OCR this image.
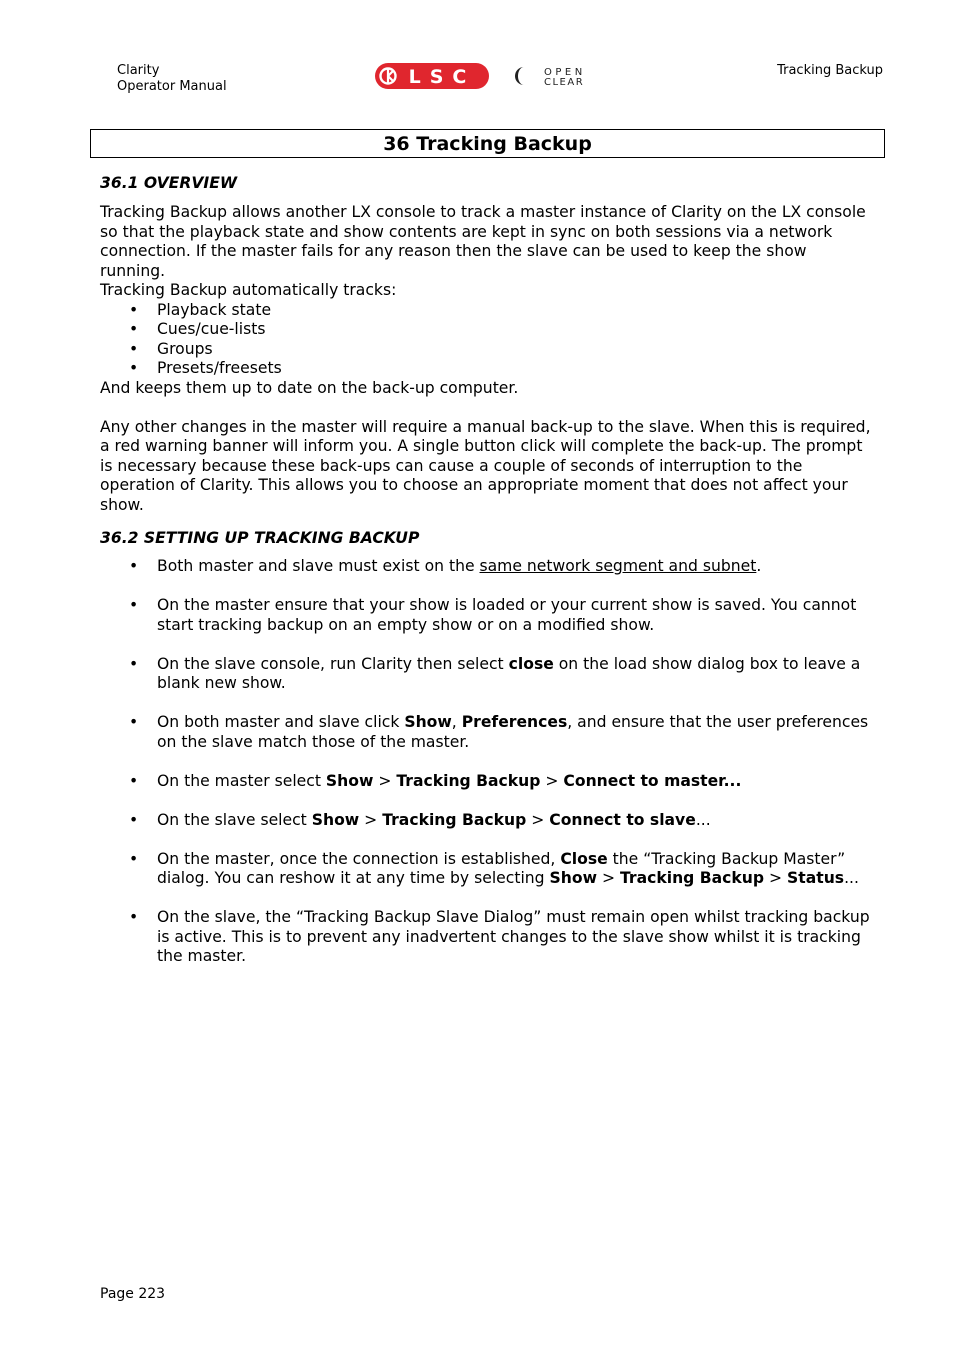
Clarity
Operator Manual	LSC	OPEN
CLEAR
Tracking Backup
36 Tracking Backup
36.1 OVERVIEW

Tracking Backup allows another LX console to track a master instance of Clarity on the LX console so that the playback state and show contents are kept in sync on both sessions via a network connection. If the master fails for any reason then the slave can be used to keep the show running.

Tracking Backup automatically tracks:

• Playback state
• Cues/cue-lists
• Groups
• Presets/freesets

And keeps them up to date on the back-up computer.

Any other changes in the master will require a manual back-up to the slave. When this is required, a red warning banner will inform you. A single button click will complete the back-up. The prompt is necessary because these back-ups can cause a couple of seconds of interruption to the operation of Clarity. This allows you to choose an appropriate moment that does not affect your show.

36.2 SETTING UP TRACKING BACKUP
• Both master and slave must exist on the same network segment and subnet.
• On the master ensure that your show is loaded or your current show is saved. You cannot start tracking backup on an empty show or on a modified show.
• On the slave console, run Clarity then select close on the load show dialog box to leave a blank new show.
• On both master and slave click Show, Preferences, and ensure that the user preferences on the slave match those of the master.
• On the master select Show > Tracking Backup > Connect to master...
• On the slave select Show > Tracking Backup > Connect to slave...
• On the master, once the connection is established, Close the “Tracking Backup Master” dialog. You can reshow it at any time by selecting Show > Tracking Backup > Status...
• On the slave, the “Tracking Backup Slave Dialog” must remain open whilst tracking backup is active. This is to prevent any inadvertent changes to the slave show whilst it is tracking the master.
Page 223
